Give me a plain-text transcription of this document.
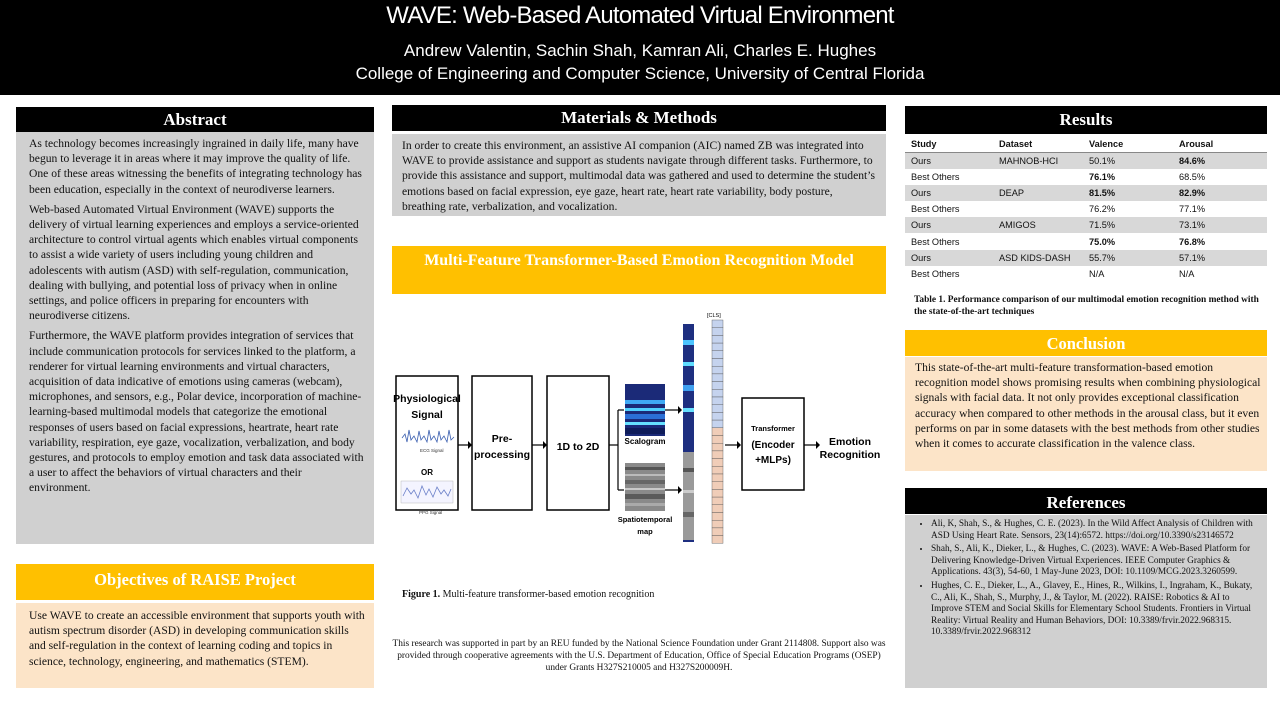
WAVE: Web-Based Automated Virtual Environment
Andrew Valentin, Sachin Shah, Kamran Ali, Charles E. Hughes
College of Engineering and Computer Science, University of Central Florida
Abstract

As technology becomes increasingly ingrained in daily life, many have begun to leverage it in areas where it may improve the quality of life. One of these areas witnessing the benefits of integrating technology has been education, especially in the context of neurodiverse learners.

Web-based Automated Virtual Environment (WAVE) supports the delivery of virtual learning experiences and employs a service-oriented architecture to control virtual agents which enables virtual components to assist a wide variety of users including young children and adolescents with autism (ASD) with self-regulation, communication, dealing with bullying, and potential loss of privacy when in online settings, and police officers in preparing for encounters with neurodiverse citizens.

Furthermore, the WAVE platform provides integration of services that include communication protocols for services linked to the platform, a renderer for virtual learning environments and virtual characters, acquisition of data indicative of emotions using cameras (webcam), microphones, and sensors, e.g., Polar device, incorporation of machine-learning-based multimodal models that categorize the emotional responses of users based on facial expressions, heartrate, heart rate variability, respiration, eye gaze, vocalization, verbalization, and body gestures, and protocols to employ emotion and task data associated with a user to affect the behaviors of virtual characters and their environment.

Objectives of RAISE Project

Use WAVE to create an accessible environment that supports youth with autism spectrum disorder (ASD) in developing communication skills and self-regulation in the context of learning coding and topics in science, technology, engineering, and mathematics (STEM).

Materials & Methods

In order to create this environment, an assistive AI companion (AIC) named ZB was integrated into WAVE to provide assistance and support as students navigate through different tasks. Furthermore, to provide this assistance and support, multimodal data was gathered and used to determine the student’s emotions based on facial expression, eye gaze, heart rate, heart rate variability, body posture, breathing rate, verbalization, and vocalization.

Multi-Feature Transformer-Based Emotion Recognition Model
Physiological
Signal
ECG Signal
OR
PPG Signal
Pre-
processing
1D to 2D	Scalogram
Spatiotemporal
map
[CLS]
Transformer
(Encoder
+MLPs)
Emotion
Recognition
Figure 1. Multi-feature transformer-based emotion recognition
This research was supported in part by an REU funded by the National Science Foundation under Grant 2114808. Support also was provided through cooperative agreements with the U.S. Department of Education, Office of Special Education Programs (OSEP) under Grants H327S210005 and H327S200009H.
Results
Study	Dataset	Valence	Arousal
Ours	MAHNOB-HCI	50.1%	84.6%
Best Others		76.1%	68.5%
Ours	DEAP	81.5%	82.9%
Best Others		76.2%	77.1%
Ours	AMIGOS	71.5%	73.1%
Best Others		75.0%	76.8%
Ours	ASD KIDS-DASH	55.7%	57.1%
Best Others		N/A	N/A
Table 1. Performance comparison of our multimodal emotion recognition method with the state-of-the-art techniques
Conclusion

This state-of-the-art multi-feature transformation-based emotion recognition model shows promising results when combining physiological signals with facial data. It not only provides exceptional classification accuracy when compared to other methods in the arousal class, but it even performs on par in some datasets with the best methods from other studies when it comes to accurate classification in the valence class.

References
• Ali, K, Shah, S., & Hughes, C. E. (2023). In the Wild Affect Analysis of Children with ASD Using Heart Rate. Sensors, 23(14):6572. https://doi.org/10.3390/s23146572
• Shah, S., Ali, K., Dieker, L., & Hughes, C. (2023). WAVE: A Web-Based Platform for Delivering Knowledge-Driven Virtual Experiences. IEEE Computer Graphics & Applications. 43(3), 54-60, 1 May-June 2023, DOI: 10.1109/MCG.2023.3260599.
• Hughes, C. E., Dieker, L., A., Glavey, E., Hines, R., Wilkins, I., Ingraham, K., Bukaty, C., Ali, K., Shah, S., Murphy, J., & Taylor, M. (2022). RAISE: Robotics & AI to Improve STEM and Social Skills for Elementary School Students. Frontiers in Virtual Reality: Virtual Reality and Human Behaviors, DOI: 10.3389/frvir.2022.968315. 10.3389/frvir.2022.968312
